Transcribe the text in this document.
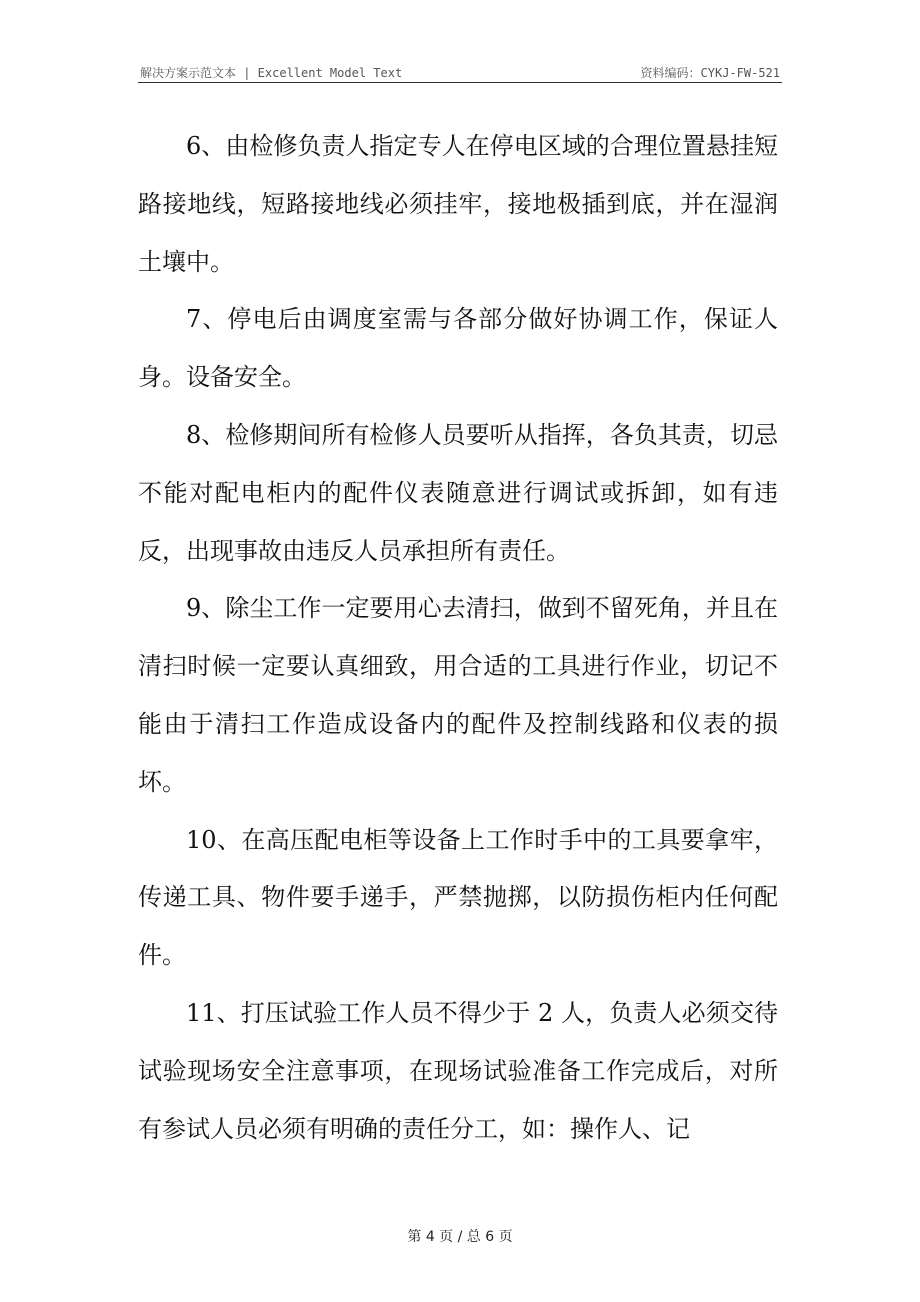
解决方案示范文本 | Excellent Model Text	资料编码：CYKJ-FW-521

6、由检修负责人指定专人在停电区域的合理位置悬挂短路接地线，短路接地线必须挂牢，接地极插到底，并在湿润土壤中。

7、停电后由调度室需与各部分做好协调工作，保证人身。设备安全。

8、检修期间所有检修人员要听从指挥，各负其责，切忌不能对配电柜内的配件仪表随意进行调试或拆卸，如有违反，出现事故由违反人员承担所有责任。

9、除尘工作一定要用心去清扫，做到不留死角，并且在清扫时候一定要认真细致，用合适的工具进行作业，切记不能由于清扫工作造成设备内的配件及控制线路和仪表的损坏。

10、在高压配电柜等设备上工作时手中的工具要拿牢，传递工具、物件要手递手，严禁抛掷，以防损伤柜内任何配件。

11、打压试验工作人员不得少于 2 人，负责人必须交待试验现场安全注意事项，在现场试验准备工作完成后，对所有参试人员必须有明确的责任分工，如：操作人、记

第 4 页 / 总 6 页
